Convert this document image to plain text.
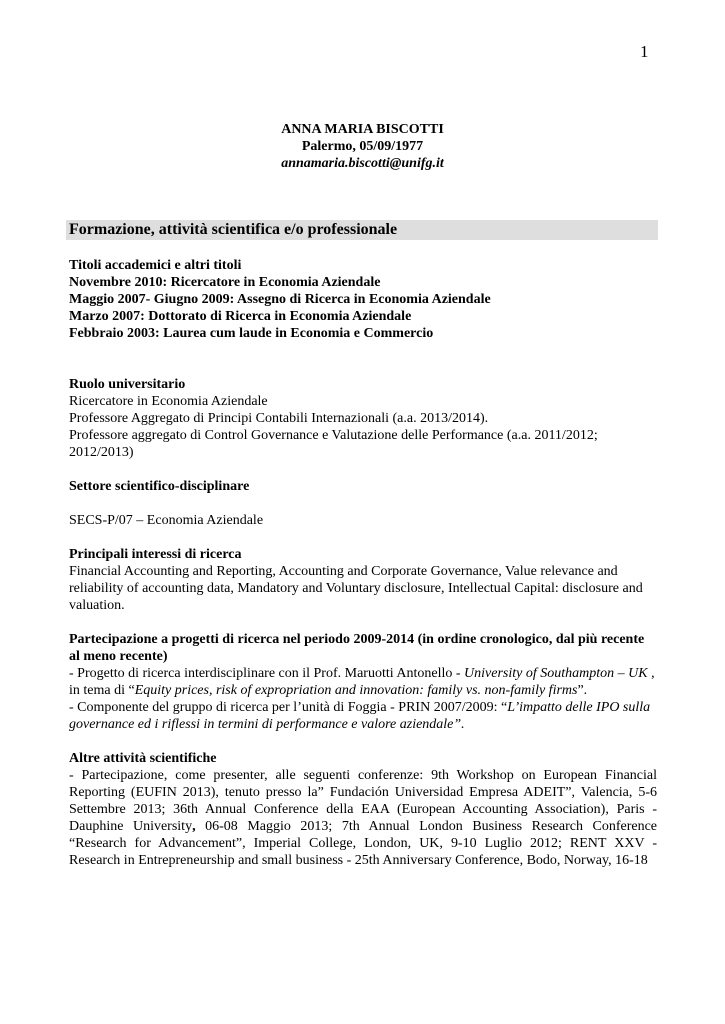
1
ANNA MARIA BISCOTTI
Palermo, 05/09/1977
annamaria.biscotti@unifg.it
Formazione, attività scientifica e/o professionale

Titoli accademici e altri titoli

Novembre 2010: Ricercatore in Economia Aziendale

Maggio 2007- Giugno 2009: Assegno di Ricerca in Economia Aziendale

Marzo 2007: Dottorato di Ricerca in Economia Aziendale

Febbraio 2003: Laurea cum laude in Economia e Commercio

Ruolo universitario

Ricercatore in Economia Aziendale

Professore Aggregato di Principi Contabili Internazionali (a.a. 2013/2014).

Professore aggregato di Control Governance e Valutazione delle Performance (a.a. 2011/2012; 2012/2013)

Settore scientifico-disciplinare

SECS-P/07 – Economia Aziendale

Principali interessi di ricerca

Financial Accounting and Reporting, Accounting and Corporate Governance, Value relevance and reliability of accounting data, Mandatory and Voluntary disclosure, Intellectual Capital: disclosure and valuation.

Partecipazione a progetti di ricerca nel periodo 2009-2014 (in ordine cronologico, dal più recente al meno recente)

- Progetto di ricerca interdisciplinare con il Prof. Maruotti Antonello - University of Southampton – UK , in tema di “Equity prices, risk of expropriation and innovation: family vs. non-family firms”.

- Componente del gruppo di ricerca per l’unità di Foggia - PRIN 2007/2009: “L’impatto delle IPO sulla governance ed i riflessi in termini di performance e valore aziendale”.

Altre attività scientifiche

- Partecipazione, come presenter, alle seguenti conferenze: 9th Workshop on European Financial Reporting (EUFIN 2013), tenuto presso la” Fundación Universidad Empresa ADEIT”, Valencia, 5-6 Settembre 2013; 36th Annual Conference della EAA (European Accounting Association), Paris - Dauphine University, 06-08 Maggio 2013; 7th Annual London Business Research Conference “Research for Advancement”, Imperial College, London, UK, 9-10 Luglio 2012; RENT XXV - Research in Entrepreneurship and small business - 25th Anniversary Conference, Bodo, Norway, 16-18
